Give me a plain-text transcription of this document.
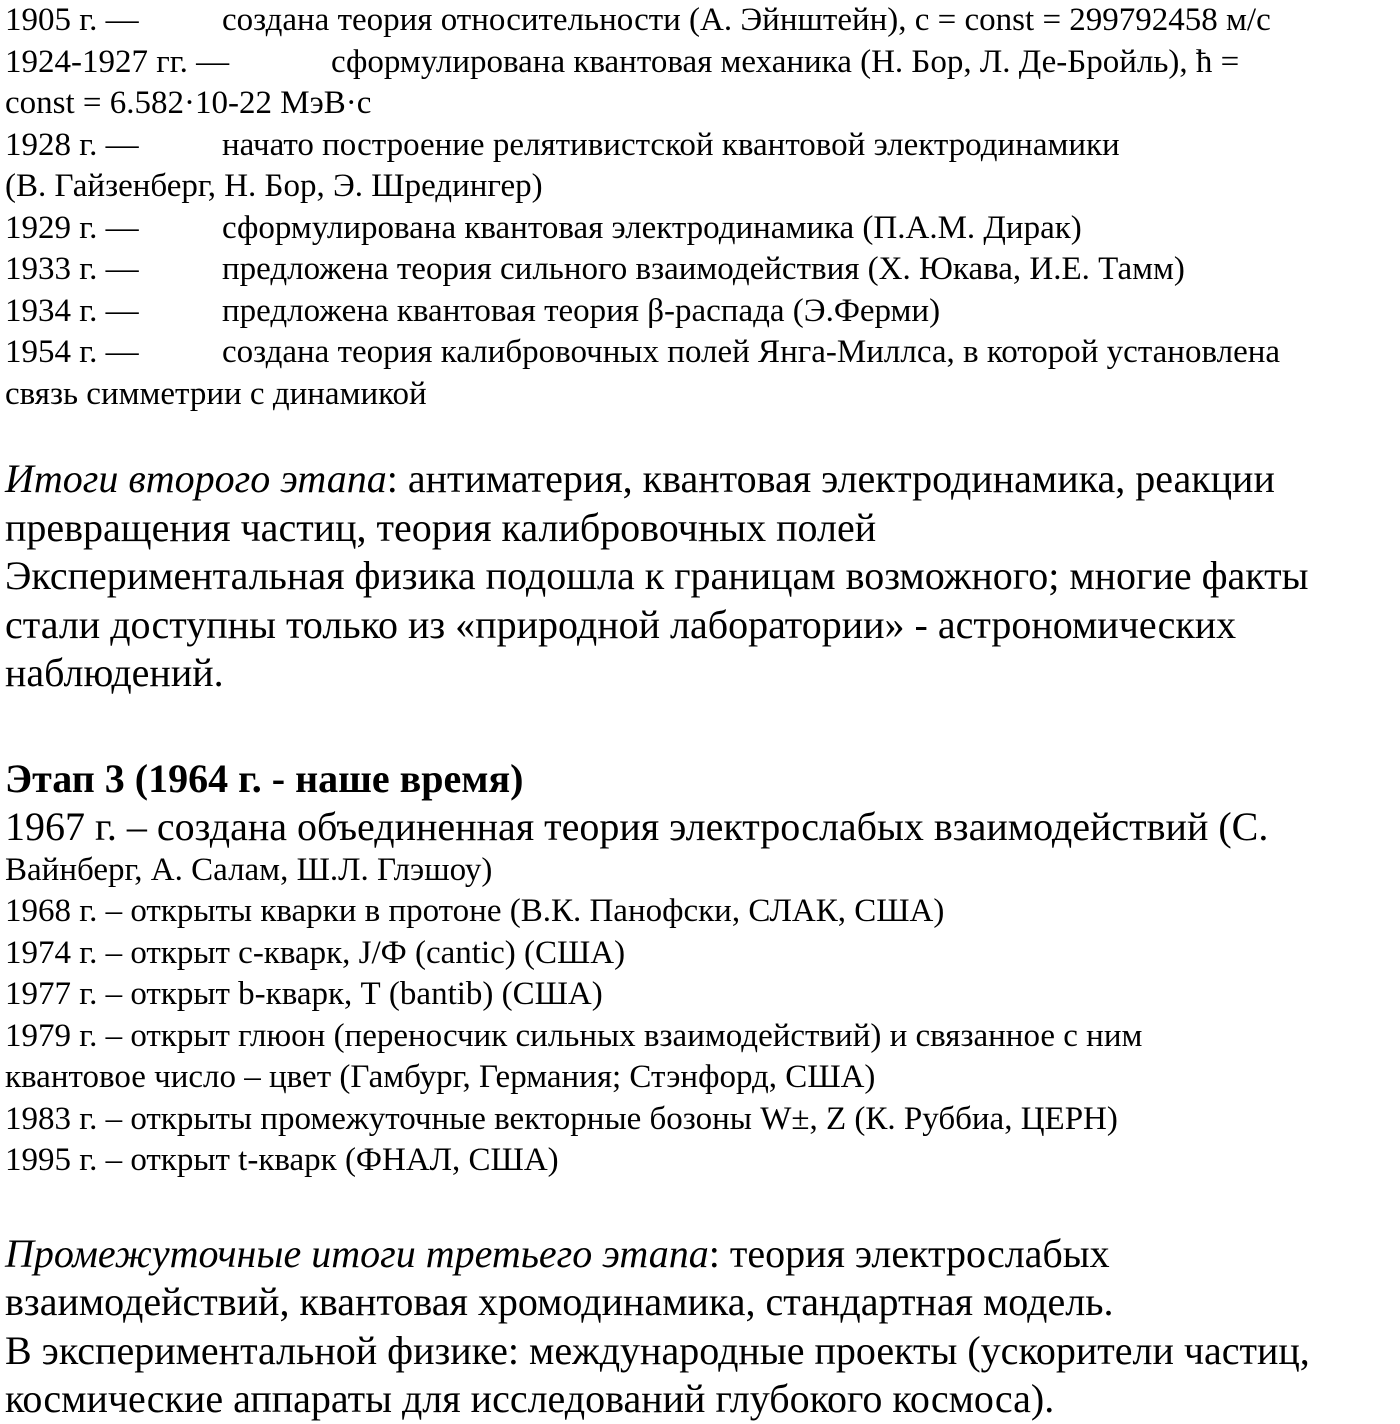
1905 г. —	создана теория относительности (А. Эйнштейн), c = const = 299792458 м/с
1924-1927 гг. —	сформулирована квантовая механика (Н. Бор, Л. Де-Бройль), ħ =
const = 6.582·10-22 МэВ·с
1928 г. —	начато построение релятивистской квантовой электродинамики
(В. Гайзенберг, Н. Бор, Э. Шредингер)
1929 г. —	сформулирована квантовая электродинамика (П.А.М. Дирак)
1933 г. —	предложена теория сильного взаимодействия (Х. Юкава, И.Е. Тамм)
1934 г. —	предложена квантовая теория β-распада (Э.Ферми)
1954 г. —	создана теория калибровочных полей Янга-Миллса, в которой установлена
связь симметрии с динамикой
Итоги второго этапа: антиматерия, квантовая электродинамика, реакции
превращения частиц, теория калибровочных полей
Экспериментальная физика подошла к границам возможного; многие факты
стали доступны только из «природной лаборатории» - астрономических
наблюдений.
Этап 3 (1964 г. - наше время)
1967 г. – создана объединенная теория электрослабых взаимодействий (С.
Вайнберг, А. Салам, Ш.Л. Глэшоу)
1968 г. – открыты кварки в протоне (В.К. Панофски, СЛАК, США)
1974 г. – открыт с-кварк, J/Ф (cantic) (США)
1977 г. – открыт b-кварк, Т (bantib) (США)
1979 г. – открыт глюон (переносчик сильных взаимодействий) и связанное с ним
квантовое число – цвет (Гамбург, Германия; Стэнфорд, США)
1983 г. – открыты промежуточные векторные бозоны W±, Z (К. Руббиа, ЦЕРН)
1995 г. – открыт t-кварк (ФНАЛ, США)
Промежуточные итоги третьего этапа: теория электрослабых
взаимодействий, квантовая хромодинамика, стандартная модель.
В экспериментальной физике: международные проекты (ускорители частиц,
космические аппараты для исследований глубокого космоса).
